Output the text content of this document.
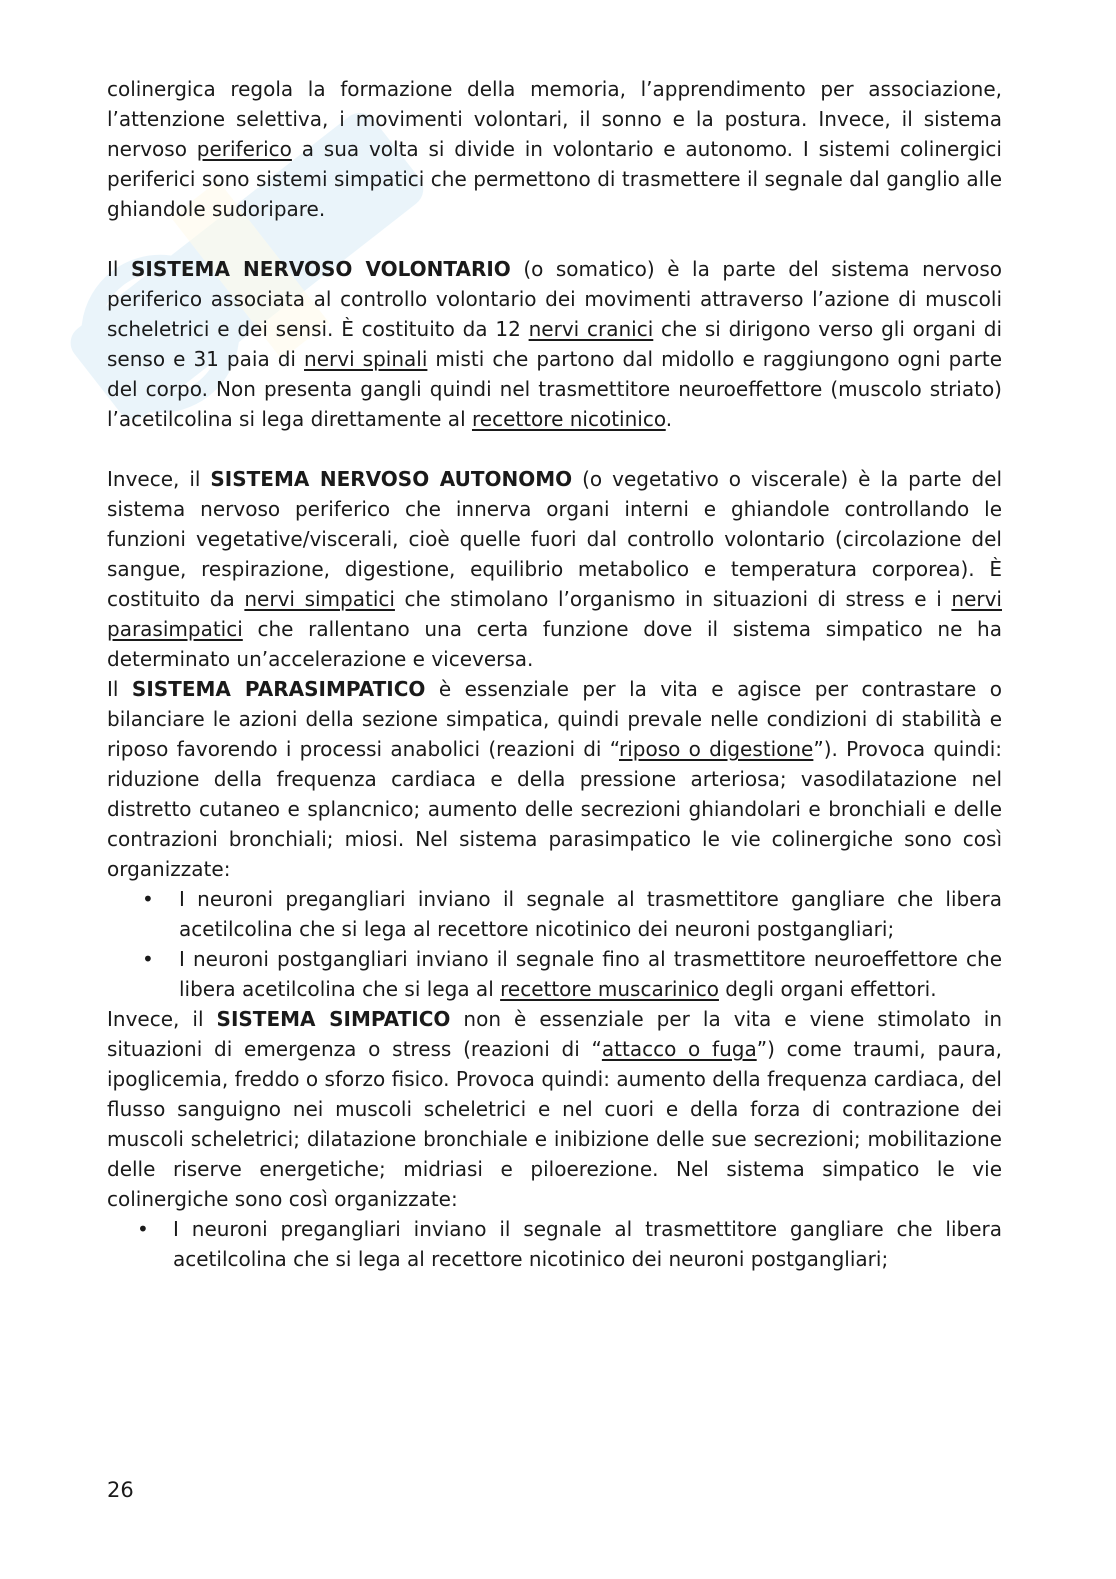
colinergica regola la formazione della memoria, l’apprendimento per associazione, l’attenzione selettiva, i movimenti volontari, il sonno e la postura. Invece, il sistema nervoso periferico a sua volta si divide in volontario e autonomo. I sistemi colinergici periferici sono sistemi simpatici che permettono di trasmettere il segnale dal ganglio alle ghiandole sudoripare.

Il SISTEMA NERVOSO VOLONTARIO (o somatico) è la parte del sistema nervoso periferico associata al controllo volontario dei movimenti attraverso l’azione di muscoli scheletrici e dei sensi. È costituito da 12 nervi cranici che si dirigono verso gli organi di senso e 31 paia di nervi spinali misti che partono dal midollo e raggiungono ogni parte del corpo. Non presenta gangli quindi nel trasmettitore neuroeffettore (muscolo striato) l’acetilcolina si lega direttamente al recettore nicotinico.

Invece, il SISTEMA NERVOSO AUTONOMO (o vegetativo o viscerale) è la parte del sistema nervoso periferico che innerva organi interni e ghiandole controllando le funzioni vegetative/viscerali, cioè quelle fuori dal controllo volontario (circolazione del sangue, respirazione, digestione, equilibrio metabolico e temperatura corporea). È costituito da nervi simpatici che stimolano l’organismo in situazioni di stress e i nervi parasimpatici che rallentano una certa funzione dove il sistema simpatico ne ha determinato un’accelerazione e viceversa.

Il SISTEMA PARASIMPATICO è essenziale per la vita e agisce per contrastare o bilanciare le azioni della sezione simpatica, quindi prevale nelle condizioni di stabilità e riposo favorendo i processi anabolici (reazioni di “riposo o digestione”). Provoca quindi: riduzione della frequenza cardiaca e della pressione arteriosa; vasodilatazione nel distretto cutaneo e splancnico; aumento delle secrezioni ghiandolari e bronchiali e delle contrazioni bronchiali; miosi. Nel sistema parasimpatico le vie colinergiche sono così organizzate:

• I neuroni pregangliari inviano il segnale al trasmettitore gangliare che libera acetilcolina che si lega al recettore nicotinico dei neuroni postgangliari;
• I neuroni postgangliari inviano il segnale fino al trasmettitore neuroeffettore che libera acetilcolina che si lega al recettore muscarinico degli organi effettori.

Invece, il SISTEMA SIMPATICO non è essenziale per la vita e viene stimolato in situazioni di emergenza o stress (reazioni di “attacco o fuga”) come traumi, paura, ipoglicemia, freddo o sforzo fisico. Provoca quindi: aumento della frequenza cardiaca, del flusso sanguigno nei muscoli scheletrici e nel cuori e della forza di contrazione dei muscoli scheletrici; dilatazione bronchiale e inibizione delle sue secrezioni; mobilitazione delle riserve energetiche; midriasi e piloerezione. Nel sistema simpatico le vie colinergiche sono così organizzate:

• I neuroni pregangliari inviano il segnale al trasmettitore gangliare che libera acetilcolina che si lega al recettore nicotinico dei neuroni postgangliari;
26
